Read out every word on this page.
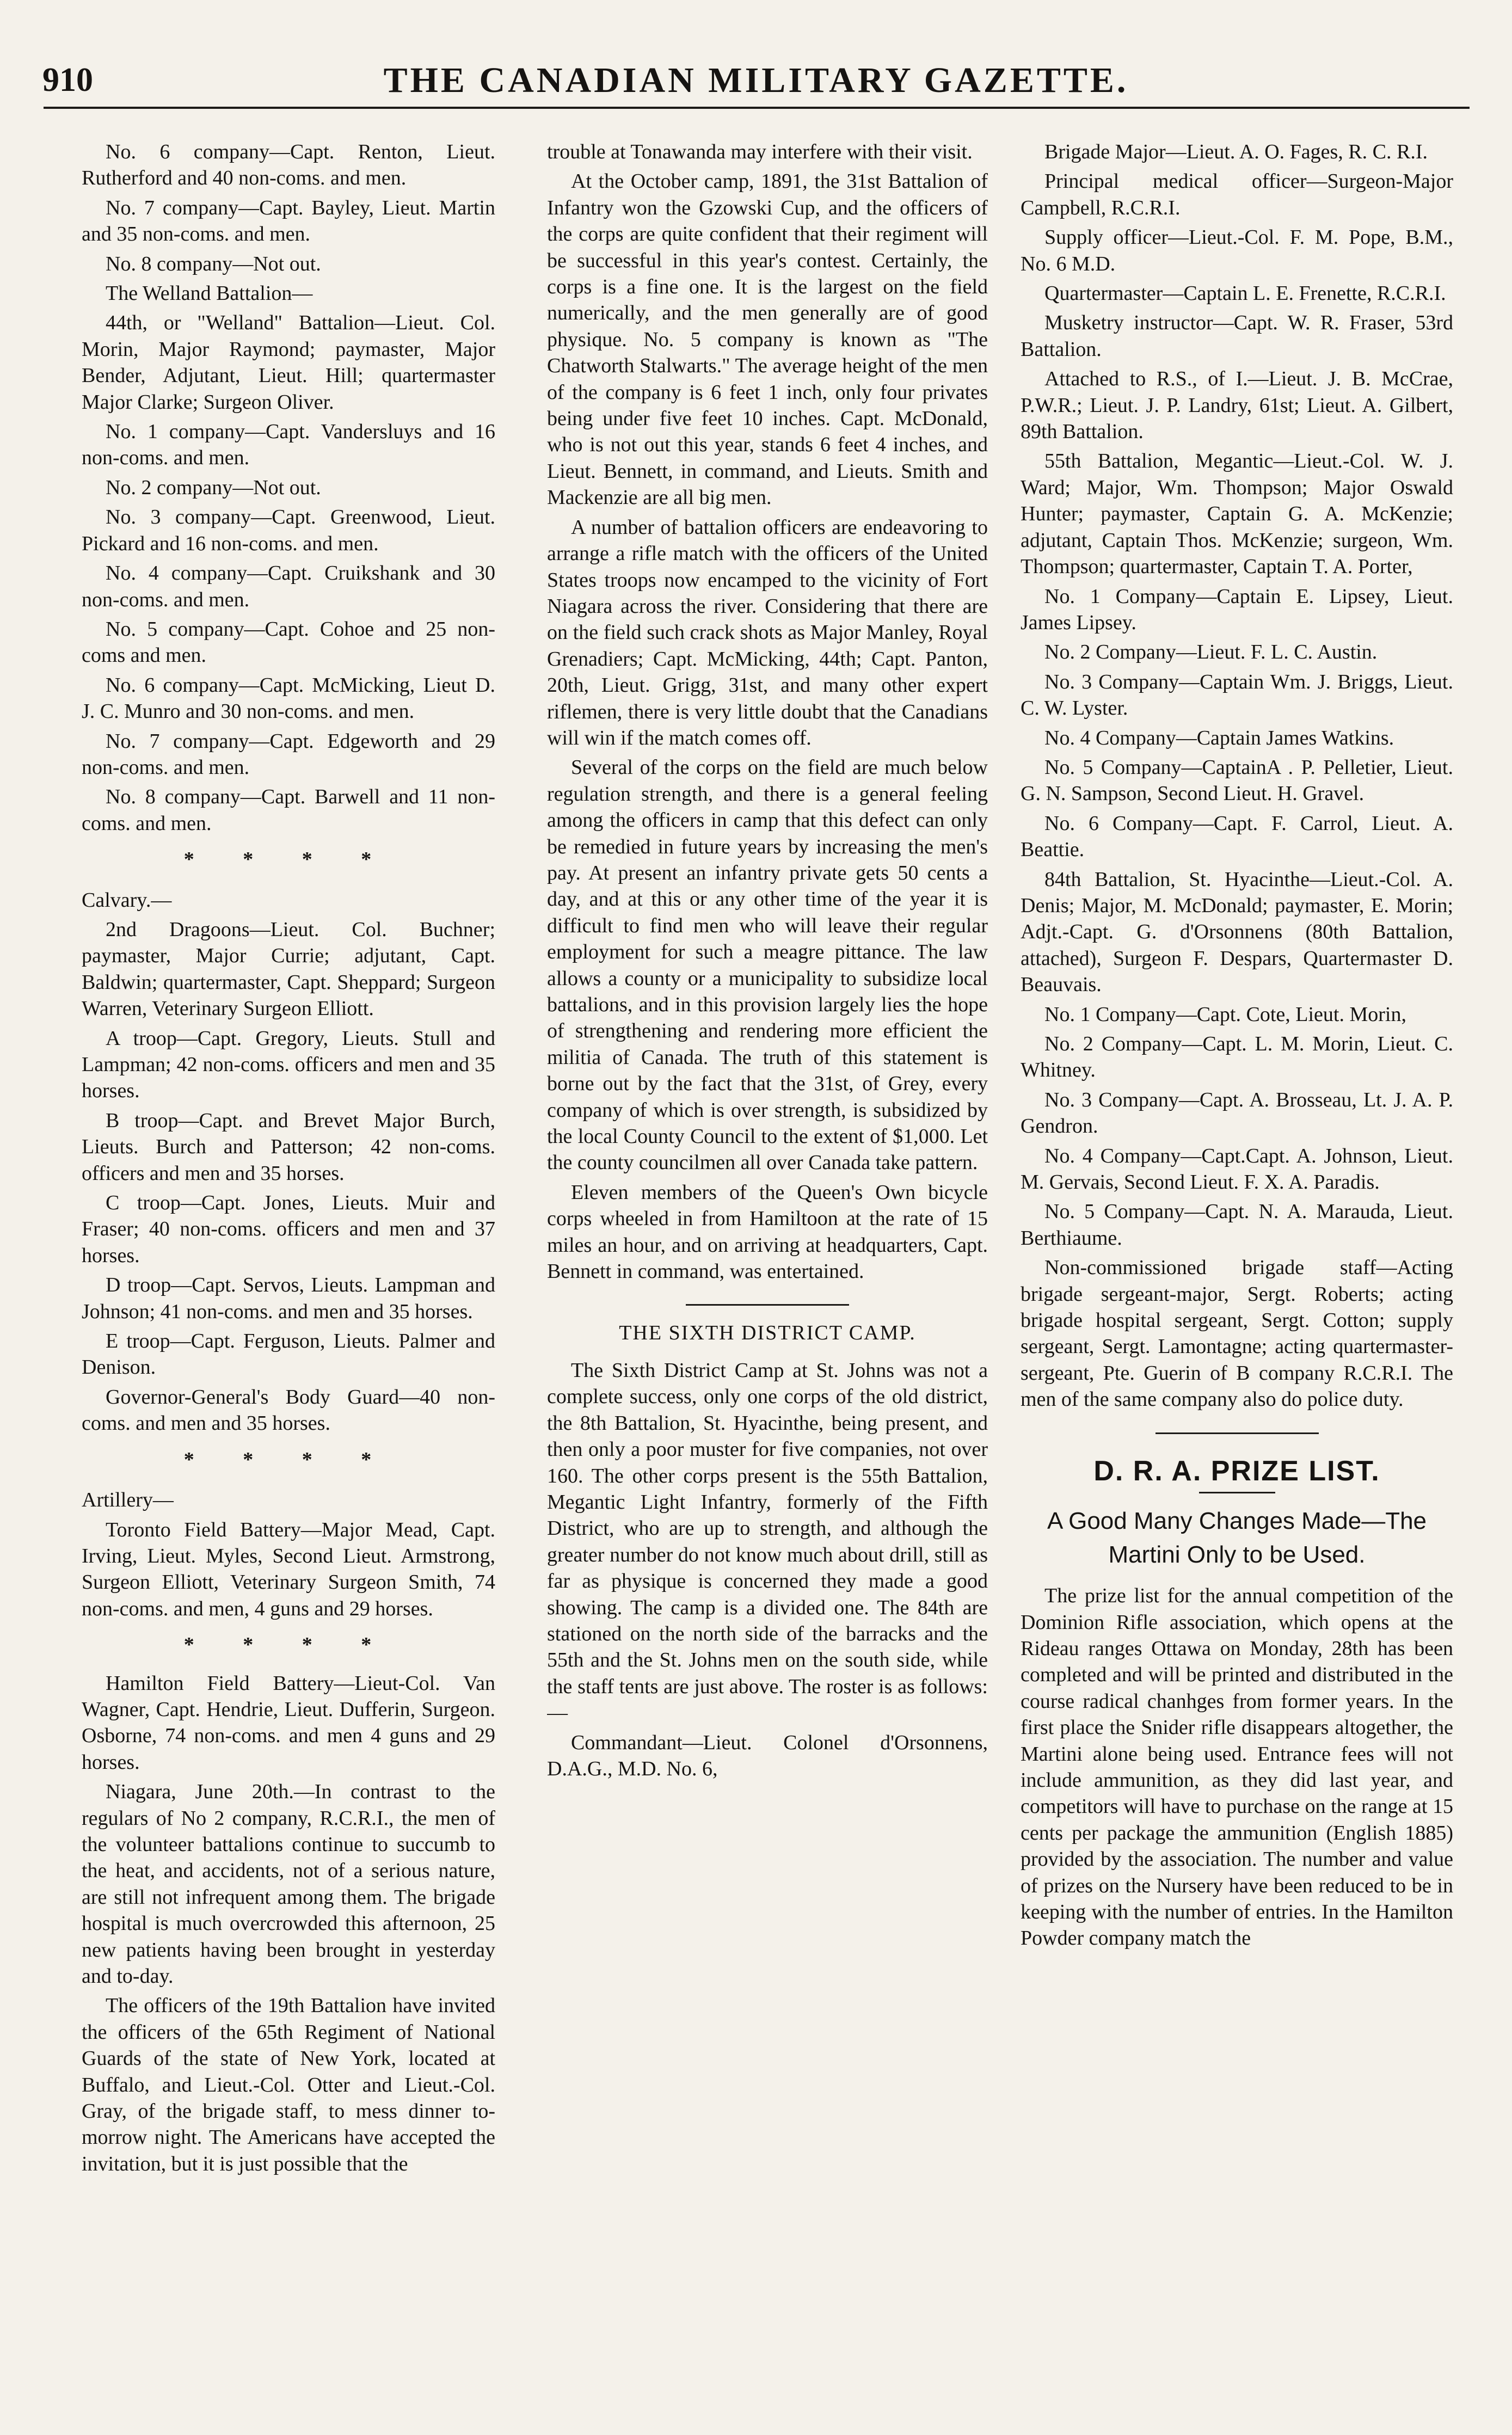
910	THE CANADIAN MILITARY GAZETTE.

No. 6 company—Capt. Renton, Lieut. Rutherford and 40 non-coms. and men.

No. 7 company—Capt. Bayley, Lieut. Martin and 35 non-coms. and men.

No. 8 company—Not out.

The Welland Battalion—

44th, or "Welland" Battalion—Lieut. Col. Morin, Major Raymond; paymaster, Major Bender, Adjutant, Lieut. Hill; quartermaster Major Clarke; Surgeon Oliver.

No. 1 company—Capt. Vandersluys and 16 non-coms. and men.

No. 2 company—Not out.

No. 3 company—Capt. Greenwood, Lieut. Pickard and 16 non-coms. and men.

No. 4 company—Capt. Cruikshank and 30 non-coms. and men.

No. 5 company—Capt. Cohoe and 25 non-coms and men.

No. 6 company—Capt. McMicking, Lieut D. J. C. Munro and 30 non-coms. and men.

No. 7 company—Capt. Edgeworth and 29 non-coms. and men.

No. 8 company—Capt. Barwell and 11 non-coms. and men.

* * * *

Calvary.—

2nd Dragoons—Lieut. Col. Buchner; paymaster, Major Currie; adjutant, Capt. Baldwin; quartermaster, Capt. Sheppard; Surgeon Warren, Veterinary Surgeon Elliott.

A troop—Capt. Gregory, Lieuts. Stull and Lampman; 42 non-coms. officers and men and 35 horses.

B troop—Capt. and Brevet Major Burch, Lieuts. Burch and Patterson; 42 non-coms. officers and men and 35 horses.

C troop—Capt. Jones, Lieuts. Muir and Fraser; 40 non-coms. officers and men and 37 horses.

D troop—Capt. Servos, Lieuts. Lampman and Johnson; 41 non-coms. and men and 35 horses.

E troop—Capt. Ferguson, Lieuts. Palmer and Denison.

Governor-General's Body Guard—40 non-coms. and men and 35 horses.

* * * *

Artillery—

Toronto Field Battery—Major Mead, Capt. Irving, Lieut. Myles, Second Lieut. Armstrong, Surgeon Elliott, Veterinary Surgeon Smith, 74 non-coms. and men, 4 guns and 29 horses.

* * * *

Hamilton Field Battery—Lieut-Col. Van Wagner, Capt. Hendrie, Lieut. Dufferin, Surgeon. Osborne, 74 non-coms. and men 4 guns and 29 horses.

Niagara, June 20th.—In contrast to the regulars of No 2 company, R.C.R.I., the men of the volunteer battalions continue to succumb to the heat, and accidents, not of a serious nature, are still not infrequent among them. The brigade hospital is much overcrowded this afternoon, 25 new patients having been brought in yesterday and to-day.

The officers of the 19th Battalion have invited the officers of the 65th Regiment of National Guards of the state of New York, located at Buffalo, and Lieut.-Col. Otter and Lieut.-Col. Gray, of the brigade staff, to mess dinner to-morrow night. The Americans have accepted the invitation, but it is just possible that the

trouble at Tonawanda may interfere with their visit.

At the October camp, 1891, the 31st Battalion of Infantry won the Gzowski Cup, and the officers of the corps are quite confident that their regiment will be successful in this year's contest. Certainly, the corps is a fine one. It is the largest on the field numerically, and the men generally are of good physique. No. 5 company is known as "The Chatworth Stalwarts." The average height of the men of the company is 6 feet 1 inch, only four privates being under five feet 10 inches. Capt. McDonald, who is not out this year, stands 6 feet 4 inches, and Lieut. Bennett, in command, and Lieuts. Smith and Mackenzie are all big men.

A number of battalion officers are endeavoring to arrange a rifle match with the officers of the United States troops now encamped to the vicinity of Fort Niagara across the river. Considering that there are on the field such crack shots as Major Manley, Royal Grenadiers; Capt. McMicking, 44th; Capt. Panton, 20th, Lieut. Grigg, 31st, and many other expert riflemen, there is very little doubt that the Canadians will win if the match comes off.

Several of the corps on the field are much below regulation strength, and there is a general feeling among the officers in camp that this defect can only be remedied in future years by increasing the men's pay. At present an infantry private gets 50 cents a day, and at this or any other time of the year it is difficult to find men who will leave their regular employment for such a meagre pittance. The law allows a county or a municipality to subsidize local battalions, and in this provision largely lies the hope of strengthening and rendering more efficient the militia of Canada. The truth of this statement is borne out by the fact that the 31st, of Grey, every company of which is over strength, is subsidized by the local County Council to the extent of $1,000. Let the county councilmen all over Canada take pattern.

Eleven members of the Queen's Own bicycle corps wheeled in from Hamiltoon at the rate of 15 miles an hour, and on arriving at headquarters, Capt. Bennett in command, was entertained.

THE SIXTH DISTRICT CAMP.

The Sixth District Camp at St. Johns was not a complete success, only one corps of the old district, the 8th Battalion, St. Hyacinthe, being present, and then only a poor muster for five companies, not over 160. The other corps present is the 55th Battalion, Megantic Light Infantry, formerly of the Fifth District, who are up to strength, and although the greater number do not know much about drill, still as far as physique is concerned they made a good showing. The camp is a divided one. The 84th are stationed on the north side of the barracks and the 55th and the St. Johns men on the south side, while the staff tents are just above. The roster is as follows:—

Commandant—Lieut. Colonel d'Orsonnens, D.A.G., M.D. No. 6,

Brigade Major—Lieut. A. O. Fages, R. C. R.I.

Principal medical officer—Surgeon-Major Campbell, R.C.R.I.

Supply officer—Lieut.-Col. F. M. Pope, B.M., No. 6 M.D.

Quartermaster—Captain L. E. Frenette, R.C.R.I.

Musketry instructor—Capt. W. R. Fraser, 53rd Battalion.

Attached to R.S., of I.—Lieut. J. B. McCrae, P.W.R.; Lieut. J. P. Landry, 61st; Lieut. A. Gilbert, 89th Battalion.

55th Battalion, Megantic—Lieut.-Col. W. J. Ward; Major, Wm. Thompson; Major Oswald Hunter; paymaster, Captain G. A. McKenzie; adjutant, Captain Thos. McKenzie; surgeon, Wm. Thompson; quartermaster, Captain T. A. Porter,

No. 1 Company—Captain E. Lipsey, Lieut. James Lipsey.

No. 2 Company—Lieut. F. L. C. Austin.

No. 3 Company—Captain Wm. J. Briggs, Lieut. C. W. Lyster.

No. 4 Company—Captain James Watkins.

No. 5 Company—CaptainA . P. Pelletier, Lieut. G. N. Sampson, Second Lieut. H. Gravel.

No. 6 Company—Capt. F. Carrol, Lieut. A. Beattie.

84th Battalion, St. Hyacinthe—Lieut.-Col. A. Denis; Major, M. McDonald; paymaster, E. Morin; Adjt.-Capt. G. d'Orsonnens (80th Battalion, attached), Surgeon F. Despars, Quartermaster D. Beauvais.

No. 1 Company—Capt. Cote, Lieut. Morin,

No. 2 Company—Capt. L. M. Morin, Lieut. C. Whitney.

No. 3 Company—Capt. A. Brosseau, Lt. J. A. P. Gendron.

No. 4 Company—Capt.Capt. A. Johnson, Lieut. M. Gervais, Second Lieut. F. X. A. Paradis.

No. 5 Company—Capt. N. A. Marauda, Lieut. Berthiaume.

Non-commissioned brigade staff—Acting brigade sergeant-major, Sergt. Roberts; acting brigade hospital sergeant, Sergt. Cotton; supply sergeant, Sergt. Lamontagne; acting quartermaster-sergeant, Pte. Guerin of B company R.C.R.I. The men of the same company also do police duty.

D. R. A. PRIZE LIST.
A Good Many Changes Made—The Martini Only to be Used.

The prize list for the annual competition of the Dominion Rifle association, which opens at the Rideau ranges Ottawa on Monday, 28th has been completed and will be printed and distributed in the course radical chanhges from former years. In the first place the Snider rifle disappears altogether, the Martini alone being used. Entrance fees will not include ammunition, as they did last year, and competitors will have to purchase on the range at 15 cents per package the ammunition (English 1885) provided by the association. The number and value of prizes on the Nursery have been reduced to be in keeping with the number of entries. In the Hamilton Powder company match the
